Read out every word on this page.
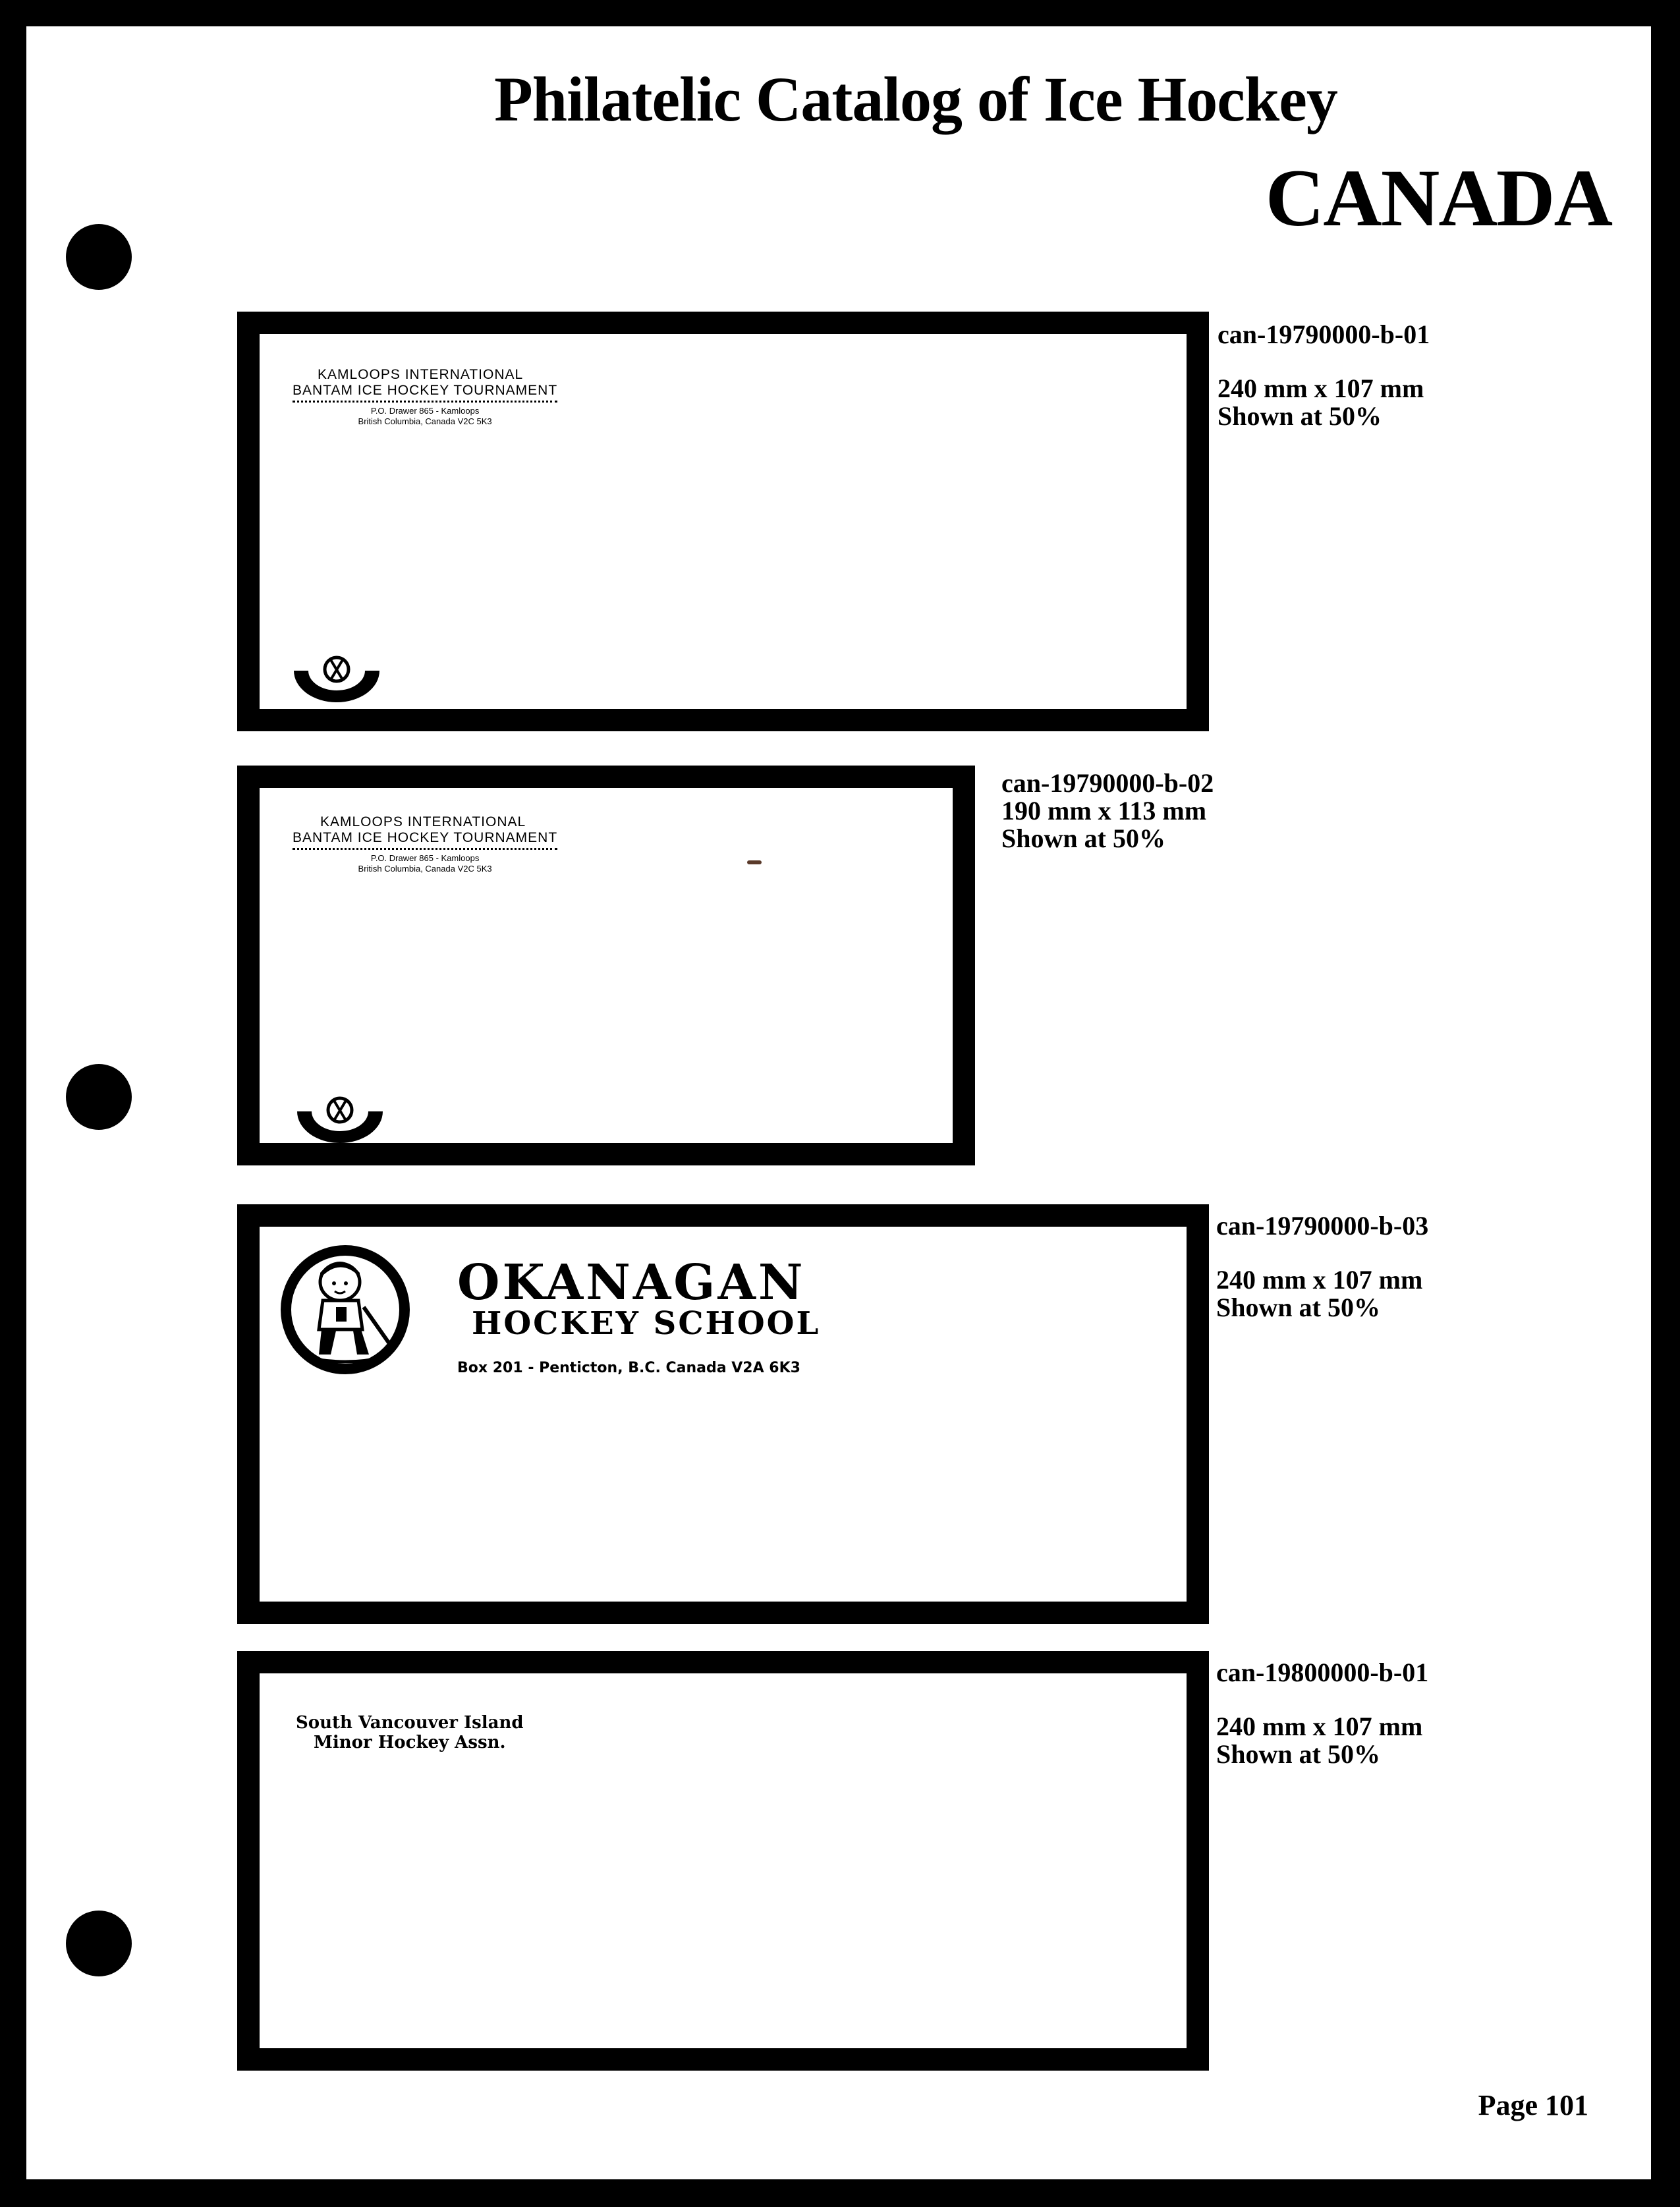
Philatelic Catalog of Ice Hockey
CANADA
KAMLOOPS INTERNATIONAL
BANTAM ICE HOCKEY TOURNAMENT
P.O. Drawer 865 - Kamloops
British Columbia, Canada V2C 5K3
can-19790000-b-01
240 mm x 107 mm
Shown at 50%
KAMLOOPS INTERNATIONAL
BANTAM ICE HOCKEY TOURNAMENT
P.O. Drawer 865 - Kamloops
British Columbia, Canada V2C 5K3
can-19790000-b-02
190 mm x 113 mm
Shown at 50%
OKANAGAN
HOCKEY SCHOOL
Box 201 - Penticton, B.C. Canada V2A 6K3
can-19790000-b-03
240 mm x 107 mm
Shown at 50%
South Vancouver Island
Minor Hockey Assn.
can-19800000-b-01
240 mm x 107 mm
Shown at 50%
Page 101
